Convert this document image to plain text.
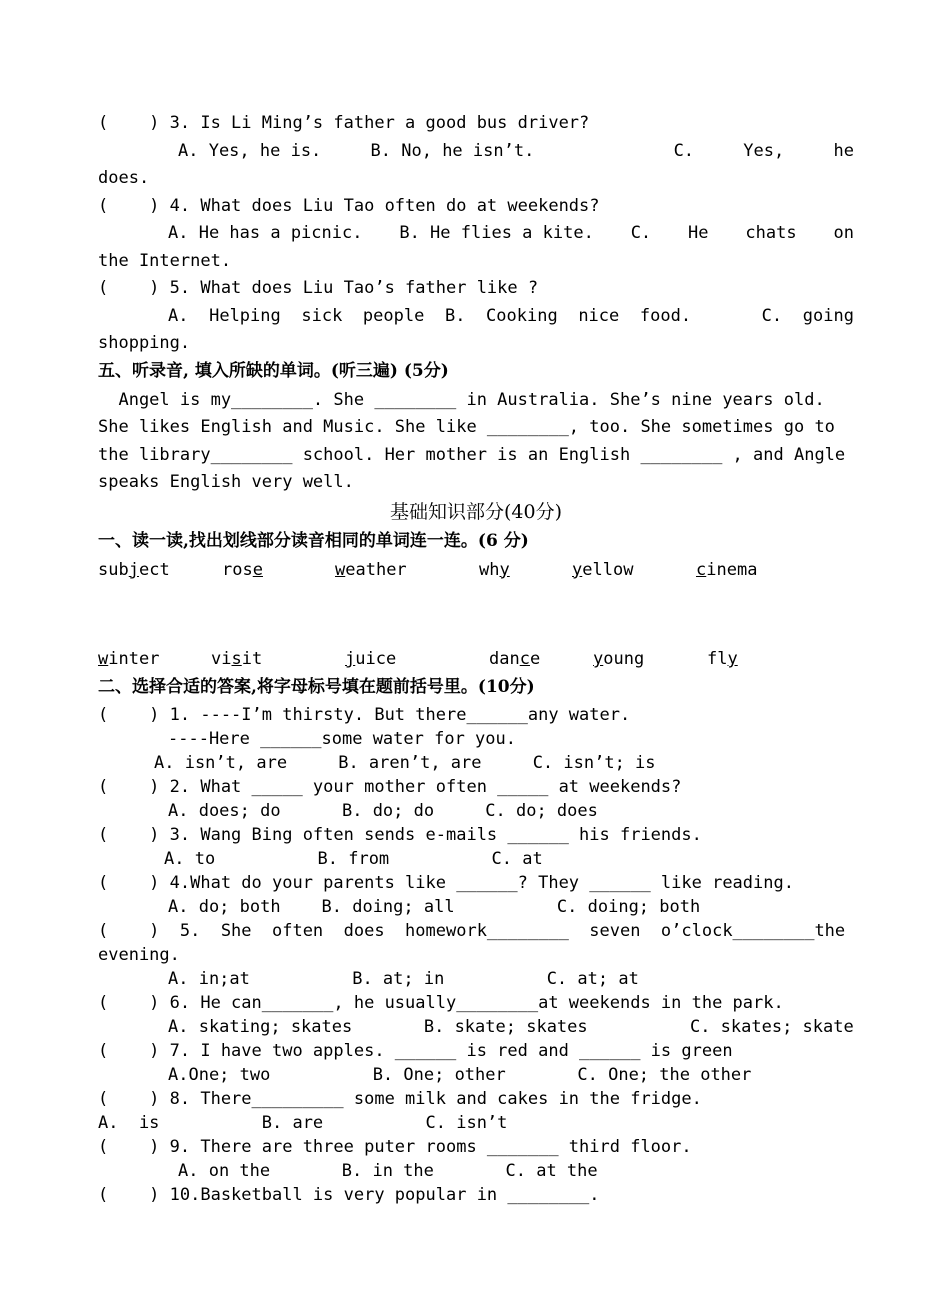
(    ) 3. Is Li Ming’s father a good bus driver?
A. Yes, he is.	B. No, he isn’t.	C.	Yes,	he
does.
(    ) 4. What does Liu Tao often do at weekends?
A. He has a picnic. B. He flies a kite. C. He chats on
the Internet.
(    ) 5. What does Liu Tao’s father like ?
A. Helping sick people B. Cooking nice food.	C. going
shopping.
五、听录音, 填入所缺的单词。(听三遍) (5分)
Angel is my________. She ________ in Australia. She’s nine years old.
She likes English and Music. She like ________, too. She sometimes go to
the library________ school. Her mother is an English ________ , and Angle
speaks English very well.
基础知识部分(40分)
一、读一读,找出划线部分读音相同的单词连一连。(6 分)
subject	rose	weather	why	yellow	cinema
winter	visit	juice	dance	young	fly
二、选择合适的答案,将字母标号填在题前括号里。(10分)
(    ) 1. ----I’m thirsty. But there______any water.
----Here ______some water for you.
A. isn’t, are     B. aren’t, are     C. isn’t; is
(    ) 2. What _____ your mother often _____ at weekends?
A. does; do      B. do; do     C. do; does
(    ) 3. Wang Bing often sends e-mails ______ his friends.
A. to          B. from          C. at
(    ) 4.What do your parents like ______? They ______ like reading.
A. do; both    B. doing; all          C. doing; both
(    )  5.  She  often  does  homework________  seven  o’clock________the
evening.
A. in;at          B. at; in          C. at; at
(    ) 6. He can_______, he usually________at weekends in the park.
A. skating; skates       B. skate; skates          C. skates; skate
(    ) 7. I have two apples. ______ is red and ______ is green
A.One; two          B. One; other       C. One; the other
(    ) 8. There_________ some milk and cakes in the fridge.
A.  is          B. are          C. isn’t
(    ) 9. There are three puter rooms _______ third floor.
A. on the       B. in the       C. at the
(    ) 10.Basketball is very popular in ________.
